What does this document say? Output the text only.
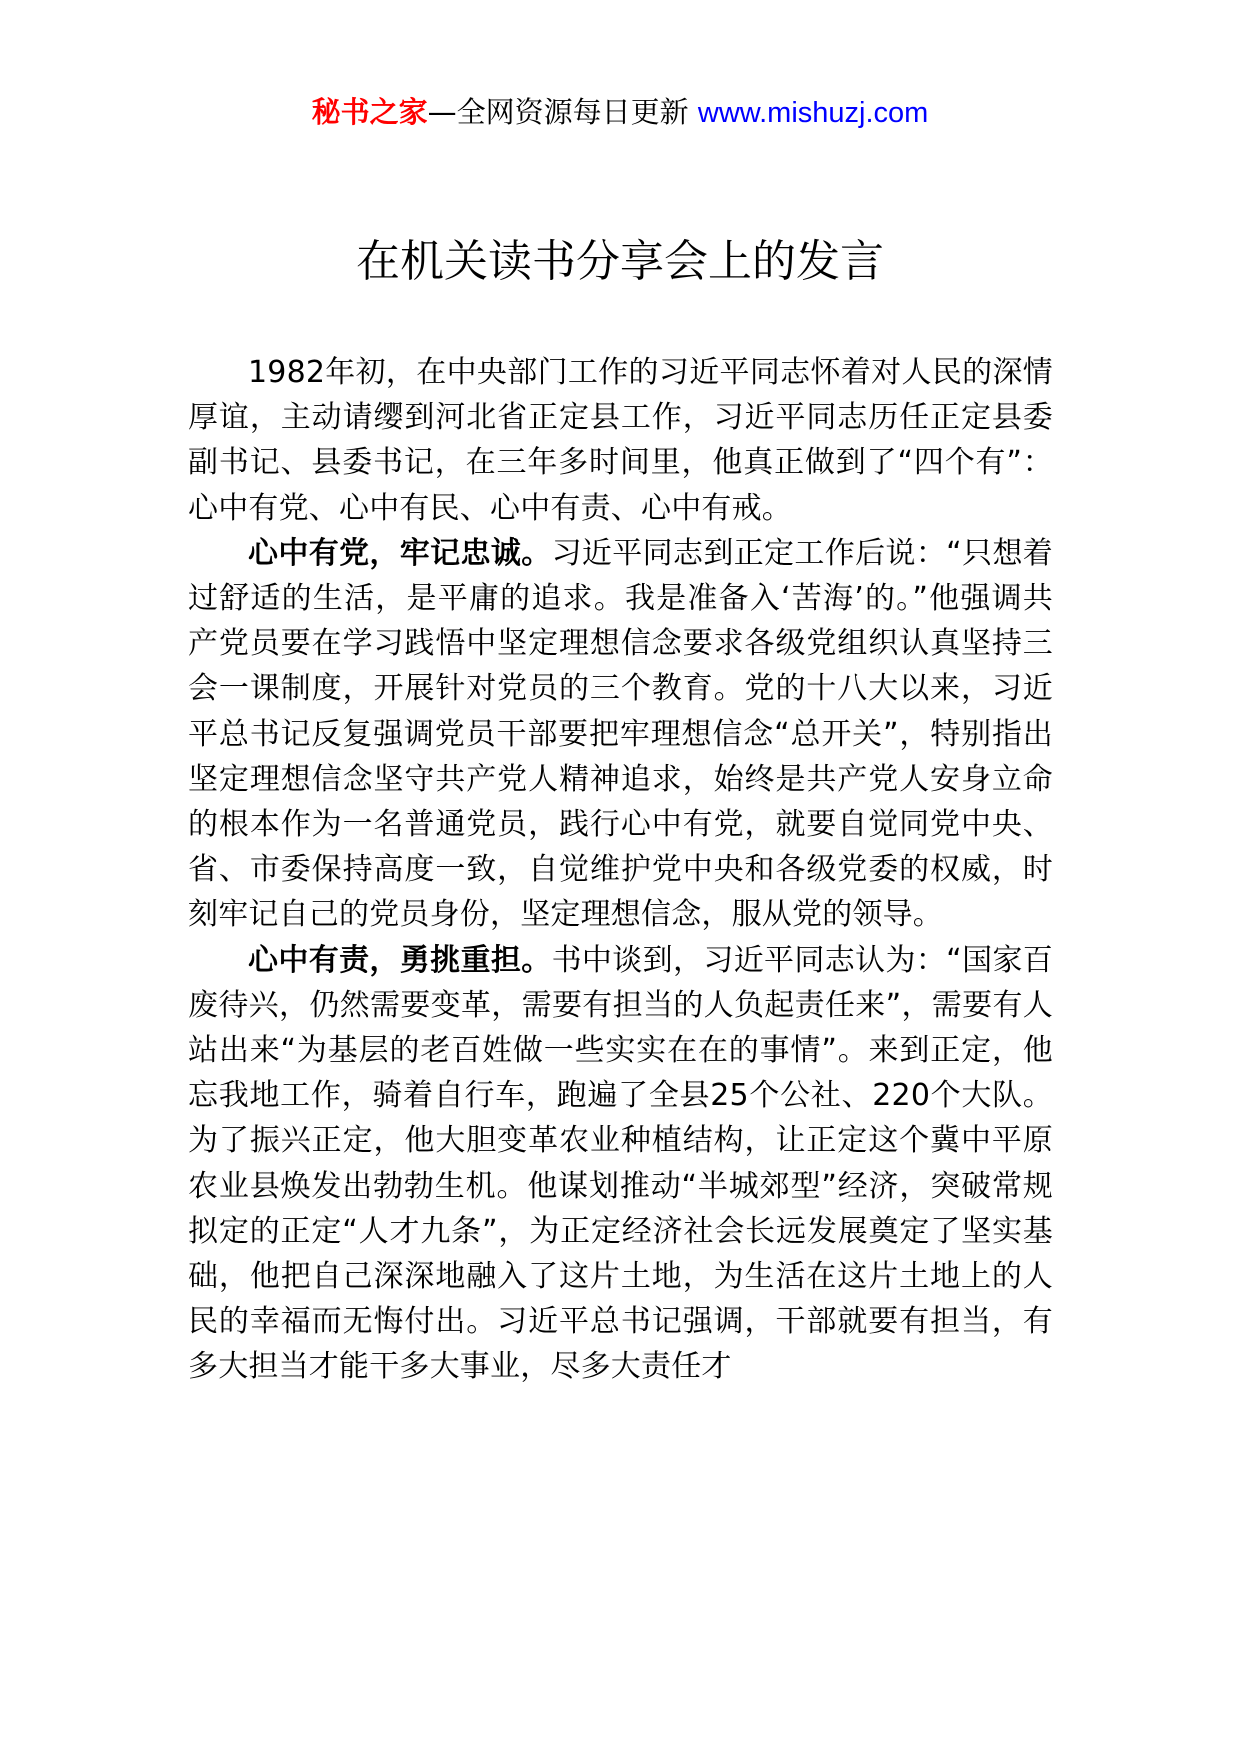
秘书之家—全网资源每日更新 www.mishuzj.com
在机关读书分享会上的发言

1982年初，在中央部门工作的习近平同志怀着对人民的深情厚谊，主动请缨到河北省正定县工作，习近平同志历任正定县委副书记、县委书记，在三年多时间里，他真正做到了“四个有”：心中有党、心中有民、心中有责、心中有戒。

心中有党，牢记忠诚。习近平同志到正定工作后说：“只想着过舒适的生活，是平庸的追求。我是准备入‘苦海’的。”他强调共产党员要在学习践悟中坚定理想信念要求各级党组织认真坚持三会一课制度，开展针对党员的三个教育。党的十八大以来，习近平总书记反复强调党员干部要把牢理想信念“总开关”，特别指出坚定理想信念坚守共产党人精神追求，始终是共产党人安身立命的根本作为一名普通党员，践行心中有党，就要自觉同党中央、省、市委保持高度一致，自觉维护党中央和各级党委的权威，时刻牢记自己的党员身份，坚定理想信念，服从党的领导。

心中有责，勇挑重担。书中谈到，习近平同志认为：“国家百废待兴，仍然需要变革，需要有担当的人负起责任来”，需要有人站出来“为基层的老百姓做一些实实在在的事情”。来到正定，他忘我地工作，骑着自行车，跑遍了全县25个公社、220个大队。为了振兴正定，他大胆变革农业种植结构，让正定这个冀中平原农业县焕发出勃勃生机。他谋划推动“半城郊型”经济，突破常规拟定的正定“人才九条”，为正定经济社会长远发展奠定了坚实基础，他把自己深深地融入了这片土地，为生活在这片土地上的人民的幸福而无悔付出。习近平总书记强调，干部就要有担当，有多大担当才能干多大事业，尽多大责任才
